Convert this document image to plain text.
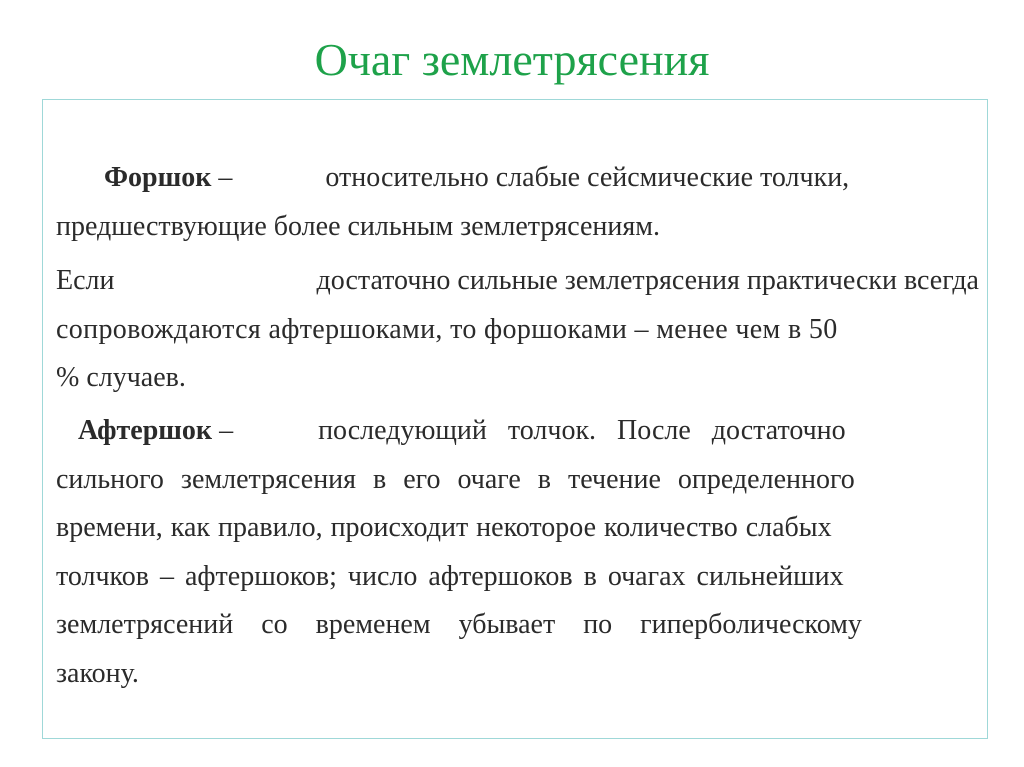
Очаг землетрясения
Форшок –	относительно слабые сейсмические толчки,
предшествующие более сильным землетрясениям.
Если	достаточно сильные землетрясения практически всегда
сопровождаются афтершоками, то форшоками – менее чем в 50
% случаев.
Афтершок –	последующий толчок. После достаточно
сильного землетрясения в его очаге в течение определенного
времени, как правило, происходит некоторое количество слабых
толчков – афтершоков; число афтершоков в очагах сильнейших
землетрясений со временем убывает по гиперболическому
закону.
